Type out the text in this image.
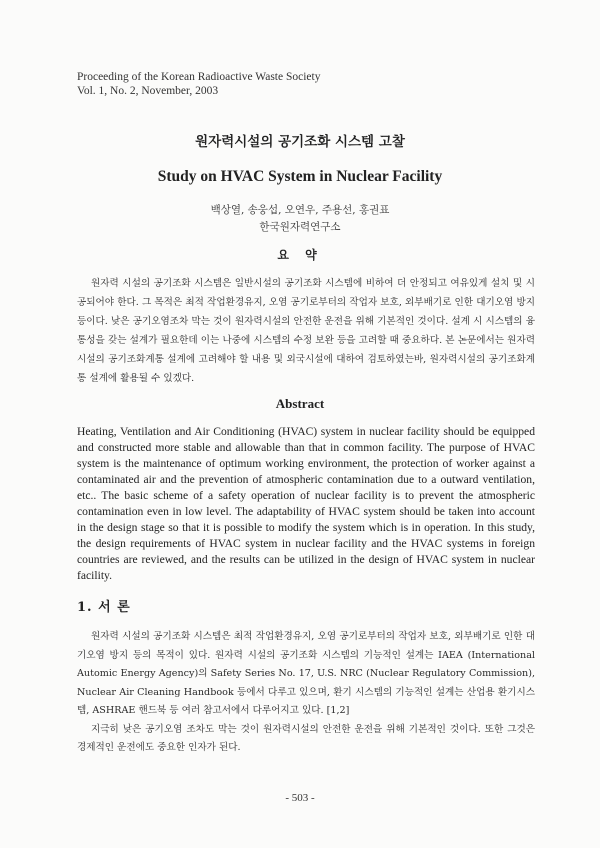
Proceeding of the Korean Radioactive Waste Society
Vol. 1, No. 2, November, 2003
원자력시설의 공기조화 시스템 고찰
Study on HVAC System in Nuclear Facility
백상열, 송웅섭, 오연우, 주용선, 홍권표
한국원자력연구소
요 약

원자력 시설의 공기조화 시스템은 일반시설의 공기조화 시스템에 비하여 더 안정되고 여유있게 설치 및 시공되어야 한다. 그 목적은 최적 작업환경유지, 오염 공기로부터의 작업자 보호, 외부배기로 인한 대기오염 방지 등이다. 낮은 공기오염조차 막는 것이 원자력시설의 안전한 운전을 위해 기본적인 것이다. 설계 시 시스템의 융통성을 갖는 설계가 필요한데 이는 나중에 시스템의 수정 보완 등을 고려할 때 중요하다. 본 논문에서는 원자력시설의 공기조화계통 설계에 고려해야 할 내용 및 외국시설에 대하여 검토하였는바, 원자력시설의 공기조화계통 설계에 활용될 수 있겠다.

Abstract

Heating, Ventilation and Air Conditioning (HVAC) system in nuclear facility should be equipped and constructed more stable and allowable than that in common facility. The purpose of HVAC system is the maintenance of optimum working environment, the protection of worker against a contaminated air and the prevention of atmospheric contamination due to a outward ventilation, etc.. The basic scheme of a safety operation of nuclear facility is to prevent the atmospheric contamination even in low level. The adaptability of HVAC system should be taken into account in the design stage so that it is possible to modify the system which is in operation. In this study, the design requirements of HVAC system in nuclear facility and the HVAC systems in foreign countries are reviewed, and the results can be utilized in the design of HVAC system in nuclear facility.

1. 서 론

원자력 시설의 공기조화 시스템은 최적 작업환경유지, 오염 공기로부터의 작업자 보호, 외부배기로 인한 대기오염 방지 등의 목적이 있다. 원자력 시설의 공기조화 시스템의 기능적인 설계는 IAEA (International Automic Energy Agency)의 Safety Series No. 17, U.S. NRC (Nuclear Regulatory Commission), Nuclear Air Cleaning Handbook 등에서 다루고 있으며, 환기 시스템의 기능적인 설계는 산업용 환기시스템, ASHRAE 핸드북 등 여러 참고서에서 다루어지고 있다. [1,2]

지극히 낮은 공기오염 조차도 막는 것이 원자력시설의 안전한 운전을 위해 기본적인 것이다. 또한 그것은 경제적인 운전에도 중요한 인자가 된다.

- 503 -
